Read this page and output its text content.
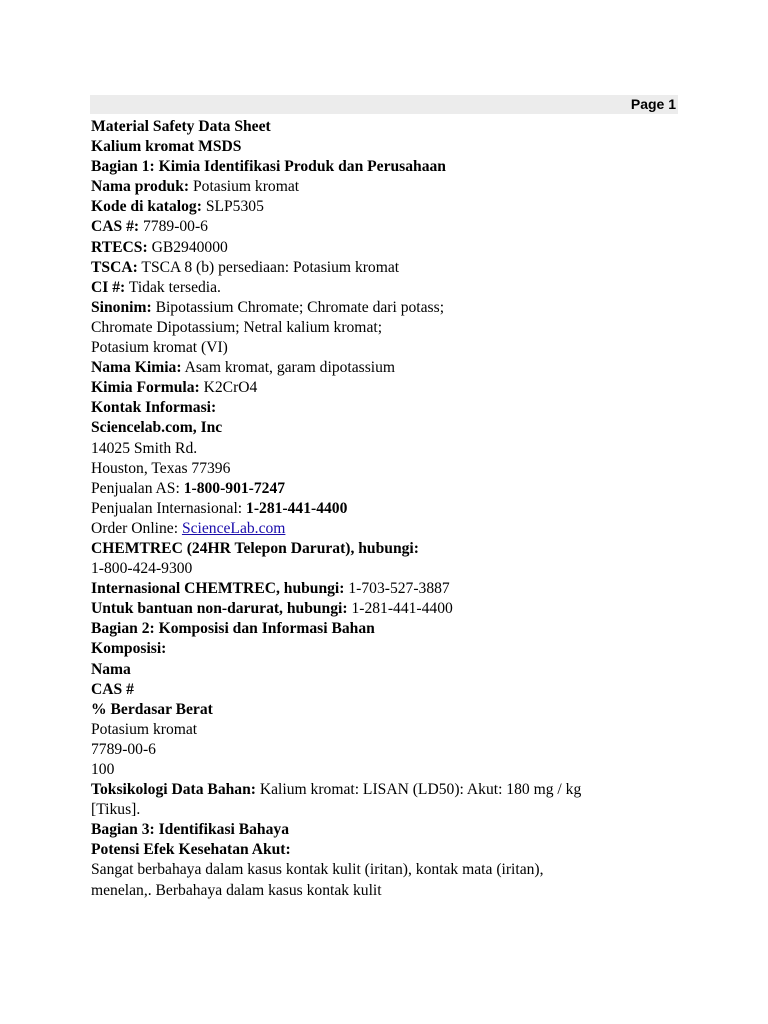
Page 1
Material Safety Data Sheet
Kalium kromat MSDS
Bagian 1: Kimia Identifikasi Produk dan Perusahaan
Nama produk: Potasium kromat
Kode di katalog: SLP5305
CAS #: 7789-00-6
RTECS: GB2940000
TSCA: TSCA 8 (b) persediaan: Potasium kromat
CI #: Tidak tersedia.
Sinonim: Bipotassium Chromate; Chromate dari potass;
Chromate Dipotassium; Netral kalium kromat;
Potasium kromat (VI)
Nama Kimia: Asam kromat, garam dipotassium
Kimia Formula: K2CrO4
Kontak Informasi:
Sciencelab.com, Inc
14025 Smith Rd.
Houston, Texas 77396
Penjualan AS: 1-800-901-7247
Penjualan Internasional: 1-281-441-4400
Order Online: ScienceLab.com
CHEMTREC (24HR Telepon Darurat), hubungi:
1-800-424-9300
Internasional CHEMTREC, hubungi: 1-703-527-3887
Untuk bantuan non-darurat, hubungi: 1-281-441-4400
Bagian 2: Komposisi dan Informasi Bahan
Komposisi:
Nama
CAS #
% Berdasar Berat
Potasium kromat
7789-00-6
100
Toksikologi Data Bahan: Kalium kromat: LISAN (LD50): Akut: 180 mg / kg
[Tikus].
Bagian 3: Identifikasi Bahaya
Potensi Efek Kesehatan Akut:
Sangat berbahaya dalam kasus kontak kulit (iritan), kontak mata (iritan),
menelan,. Berbahaya dalam kasus kontak kulit
